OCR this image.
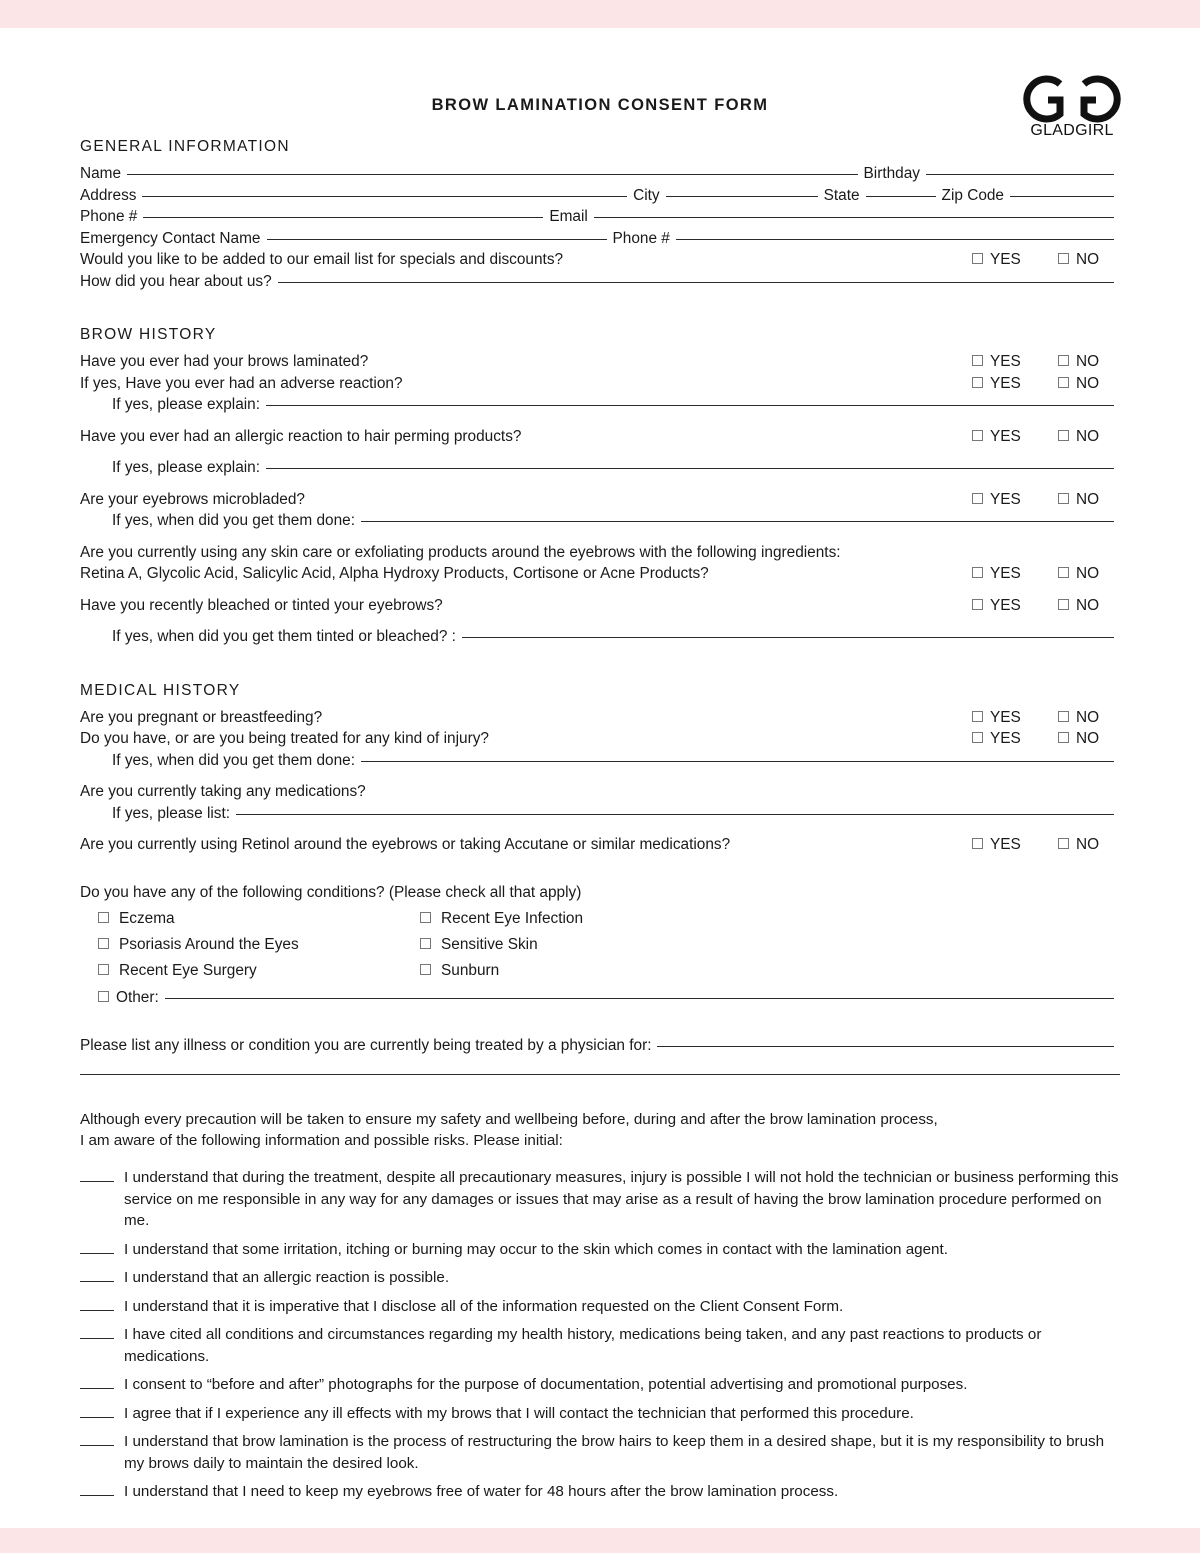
BROW LAMINATION CONSENT FORM
GLADGIRL
GENERAL INFORMATION
Name	Birthday
Address	City	State	Zip Code
Phone #	Email
Emergency Contact Name	Phone #
Would you like to be added to our email list for specials and discounts?	YES	NO
How did you hear about us?
BROW HISTORY
Have you ever had your brows laminated?	YES	NO
If yes, Have you ever had an adverse reaction?	YES	NO
If yes, please explain:
Have you ever had an allergic reaction to hair perming products?	YES	NO
If yes, please explain:
Are your eyebrows microbladed?	YES	NO
If yes, when did you get them done:
Are you currently using any skin care or exfoliating products around the eyebrows with the following ingredients:
Retina A, Glycolic Acid, Salicylic Acid, Alpha Hydroxy Products, Cortisone or Acne Products?	YES	NO
Have you recently bleached or tinted your eyebrows?	YES	NO
If yes, when did you get them tinted or bleached? :
MEDICAL HISTORY
Are you pregnant or breastfeeding?	YES	NO
Do you have, or are you being treated for any kind of injury?	YES	NO
If yes, when did you get them done:
Are you currently taking any medications?
If yes, please list:
Are you currently using Retinol around the eyebrows or taking Accutane or similar medications?	YES	NO
Do you have any of the following conditions? (Please check all that apply)
Eczema	Recent Eye Infection
Psoriasis Around the Eyes	Sensitive Skin
Recent Eye Surgery	Sunburn
Other:
Please list any illness or condition you are currently being treated by a physician for:
Although every precaution will be taken to ensure my safety and wellbeing before, during and after the brow lamination process,
I am aware of the following information and possible risks. Please initial:
I understand that during the treatment, despite all precautionary measures, injury is possible I will not hold the technician or business performing this service on me responsible in any way for any damages or issues that may arise as a result of having the brow lamination procedure performed on me.
I understand that some irritation, itching or burning may occur to the skin which comes in contact with the lamination agent.
I understand that an allergic reaction is possible.
I understand that it is imperative that I disclose all of the information requested on the Client Consent Form.
I have cited all conditions and circumstances regarding my health history, medications being taken, and any past reactions to products or medications.
I consent to “before and after” photographs for the purpose of documentation, potential advertising and promotional purposes.
I agree that if I experience any ill effects with my brows that I will contact the technician that performed this procedure.
I understand that brow lamination is the process of restructuring the brow hairs to keep them in a desired shape, but it is my responsibility to brush my brows daily to maintain the desired look.
I understand that I need to keep my eyebrows free of water for 48 hours after the brow lamination process.
